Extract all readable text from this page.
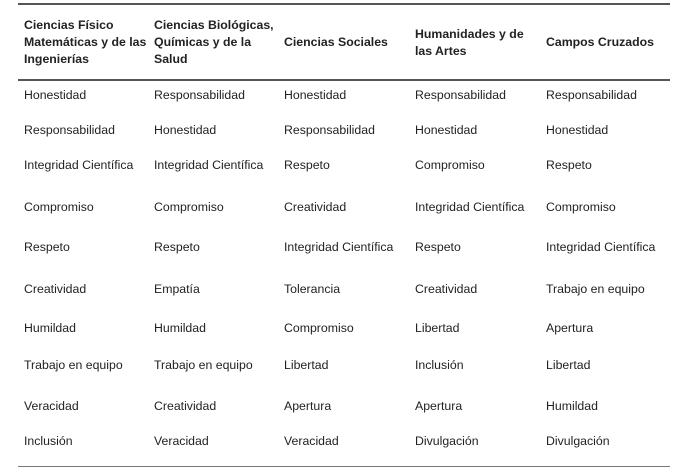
Ciencias Físico Matemáticas y de las Ingenierías	Ciencias Biológicas, Químicas y de la Salud	Ciencias Sociales	Humanidades y de las Artes	Campos Cruzados
Honestidad	Responsabilidad	Honestidad	Responsabilidad	Responsabilidad
Responsabilidad	Honestidad	Responsabilidad	Honestidad	Honestidad
Integridad Científica	Integridad Científica	Respeto	Compromiso	Respeto
Compromiso	Compromiso	Creatividad	Integridad Científica	Compromiso
Respeto	Respeto	Integridad Científica	Respeto	Integridad Científica
Creatividad	Empatía	Tolerancia	Creatividad	Trabajo en equipo
Humildad	Humildad	Compromiso	Libertad	Apertura
Trabajo en equipo	Trabajo en equipo	Libertad	Inclusión	Libertad
Veracidad	Creatividad	Apertura	Apertura	Humildad
Inclusión	Veracidad	Veracidad	Divulgación	Divulgación
